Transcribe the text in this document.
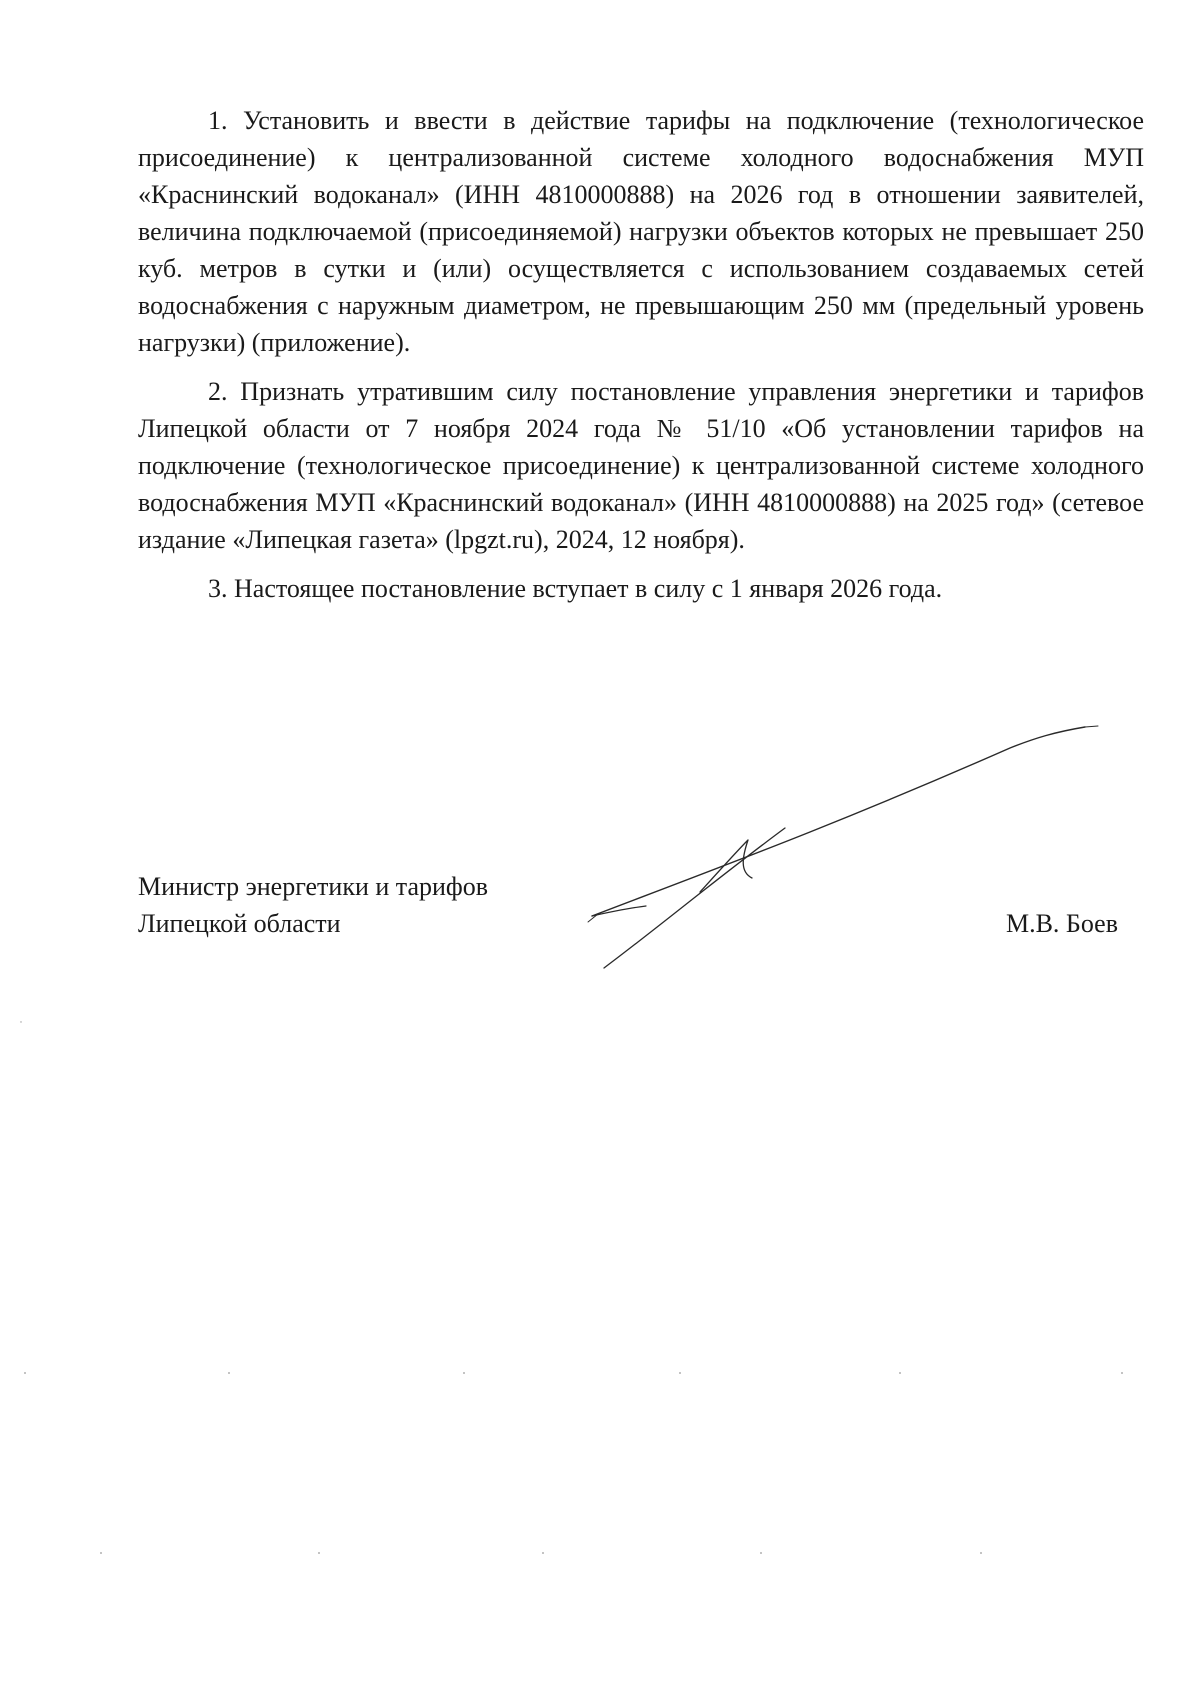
1. Установить и ввести в действие тарифы на подключение (технологическое присоединение) к централизованной системе холодного водоснабжения МУП «Краснинский водоканал» (ИНН 4810000888) на 2026 год в отношении заявителей, величина подключаемой (присоединяемой) нагрузки объектов которых не превышает 250 куб. метров в сутки и (или) осуществляется с использованием создаваемых сетей водоснабжения с наружным диаметром, не превышающим 250 мм (предельный уровень нагрузки) (приложение).

2. Признать утратившим силу постановление управления энергетики и тарифов Липецкой области от 7 ноября 2024 года № 51/10 «Об установлении тарифов на подключение (технологическое присоединение) к централизованной системе холодного водоснабжения МУП «Краснинский водоканал» (ИНН 4810000888) на 2025 год» (сетевое издание «Липецкая газета» (lpgzt.ru), 2024, 12 ноября).

3. Настоящее постановление вступает в силу с 1 января 2026 года.

Министр энергетики и тарифов
Липецкой области	М.В. Боев
